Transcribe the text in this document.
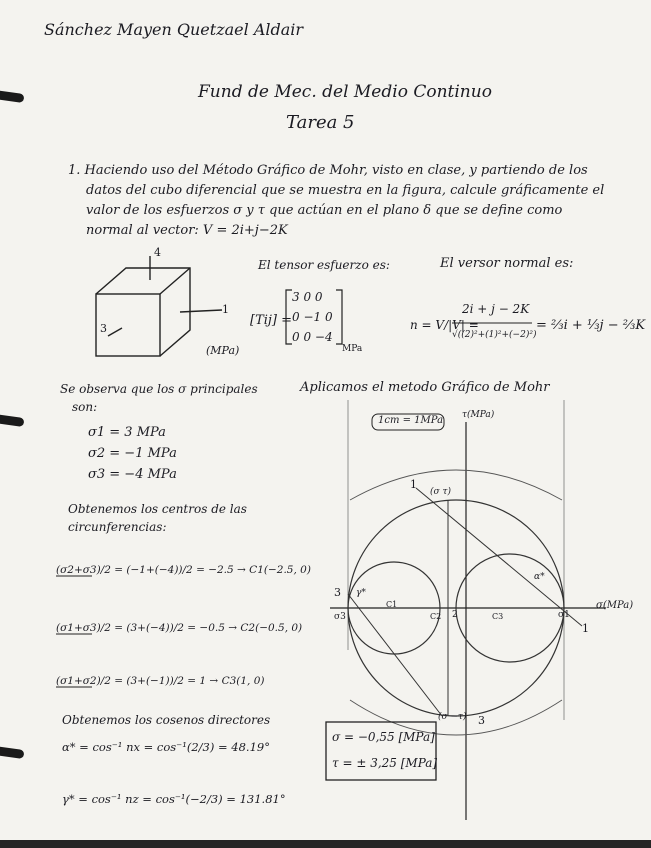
Sánchez Mayen Quetzael Aldair
Fund de Mec. del Medio Continuo
Tarea 5
1. Haciendo uso del Método Gráfico de Mohr, visto en clase, y partiendo de los
datos del cubo diferencial que se muestra en la figura, calcule gráficamente el
valor de los esfuerzos σ y τ que actúan en el plano δ que se define como
normal al vector: V = 2i+j−2K
El tensor esfuerzo es:
[Tij] =
3 0 0
0 −1 0
0 0 −4
MPa
El versor normal es:
n = V/|V| =
2i + j − 2K
√((2)²+(1)²+(−2)²)
= ⅔i + ⅓j − ⅔K
4
1
3
(MPa)
Se observa que los σ principales
son:
σ1 = 3 MPa
σ2 = −1 MPa
σ3 = −4 MPa
Obtenemos los centros de las
circunferencias:
(σ2+σ3)/2 = (−1+(−4))/2 = −2.5 → C1(−2.5, 0)
(σ1+σ3)/2 = (3+(−4))/2 = −0.5 → C2(−0.5, 0)
(σ1+σ2)/2 = (3+(−1))/2 = 1 → C3(1, 0)
Obtenemos los cosenos directores
α* = cos⁻¹ nx = cos⁻¹(2/3) = 48.19°
γ* = cos⁻¹ nz = cos⁻¹(−2/3) = 131.81°
Aplicamos el metodo Gráfico de Mohr
1cm = 1MPa τ(MPa)
σ(MPa)
(σ τ)
(σ −τ)
1
1
3
3
2	σ1
σ3
C1
C2	C3
α*
γ*
σ = −0,55 [MPa]
τ = ± 3,25 [MPa]
